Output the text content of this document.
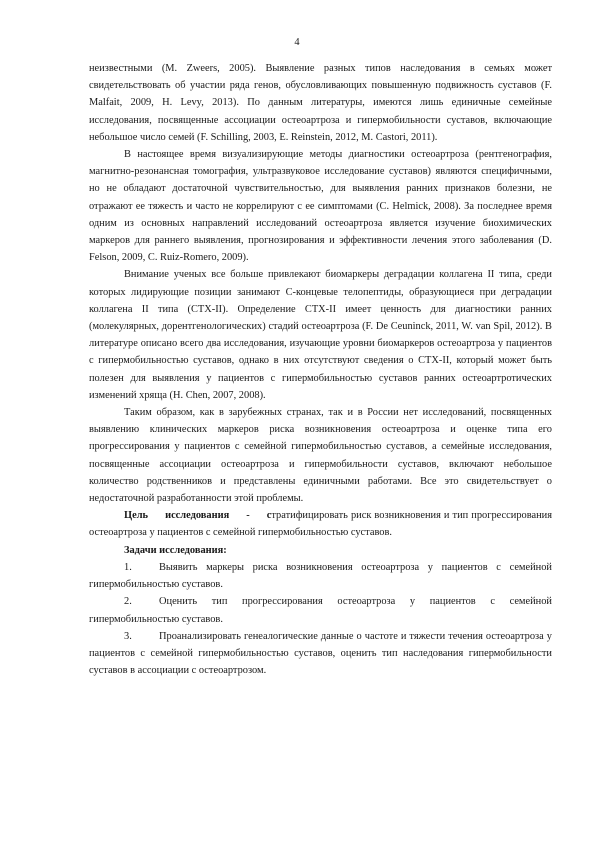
4

неизвестными (M. Zweers, 2005). Выявление разных типов наследования в семьях может свидетельствовать об участии ряда генов, обусловливающих повышенную подвижность суставов (F. Malfait, 2009, H. Levy, 2013). По данным литературы, имеются лишь единичные семейные исследования, посвященные ассоциации остеоартроза и гипермобильности суставов, включающие небольшое число семей (F. Schilling, 2003, E. Reinstein, 2012, M. Castori, 2011).

В настоящее время визуализирующие методы диагностики остеоартроза (рентгенография, магнитно-резонансная томография, ультразвуковое исследование суставов) являются специфичными, но не обладают достаточной чувствительностью, для выявления ранних признаков болезни, не отражают ее тяжесть и часто не коррелируют с ее симптомами (C. Helmick, 2008). За последнее время одним из основных направлений исследований остеоартроза является изучение биохимических маркеров для раннего выявления, прогнозирования и эффективности лечения этого заболевания (D. Felson, 2009, C. Ruiz-Romero, 2009).

Внимание ученых все больше привлекают биомаркеры деградации коллагена II типа, среди которых лидирующие позиции занимают С-концевые телопептиды, образующиеся при деградации коллагена II типа (CTX-II). Определение CTX-II имеет ценность для диагностики ранних (молекулярных, дорентгенологических) стадий остеоартроза (F. De Ceuninck, 2011, W. van Spil, 2012). В литературе описано всего два исследования, изучающие уровни биомаркеров остеоартроза у пациентов с гипермобильностью суставов, однако в них отсутствуют сведения о CTX-II, который может быть полезен для выявления у пациентов с гипермобильностью суставов ранних остеоартротических изменений хряща (H. Chen, 2007, 2008).

Таким образом, как в зарубежных странах, так и в России нет исследований, посвященных выявлению клинических маркеров риска возникновения остеоартроза и оценке типа его прогрессирования у пациентов с семейной гипермобильностью суставов, а семейные исследования, посвященные ассоциации остеоартроза и гипермобильности суставов, включают небольшое количество родственников и представлены единичными работами. Все это свидетельствует о недостаточной разработанности этой проблемы.

Цель исследования - стратифицировать риск возникновения и тип прогрессирования остеоартроза у пациентов с семейной гипермобильностью суставов.

Задачи исследования:

1.	Выявить маркеры риска возникновения остеоартроза у пациентов с семейной гипермобильностью суставов.

2.	Оценить тип прогрессирования остеоартроза у пациентов с семейной гипермобильностью суставов.

3.	Проанализировать генеалогические данные о частоте и тяжести течения остеоартроза у пациентов с семейной гипермобильностью суставов, оценить тип наследования гипермобильности суставов в ассоциации с остеоартрозом.
